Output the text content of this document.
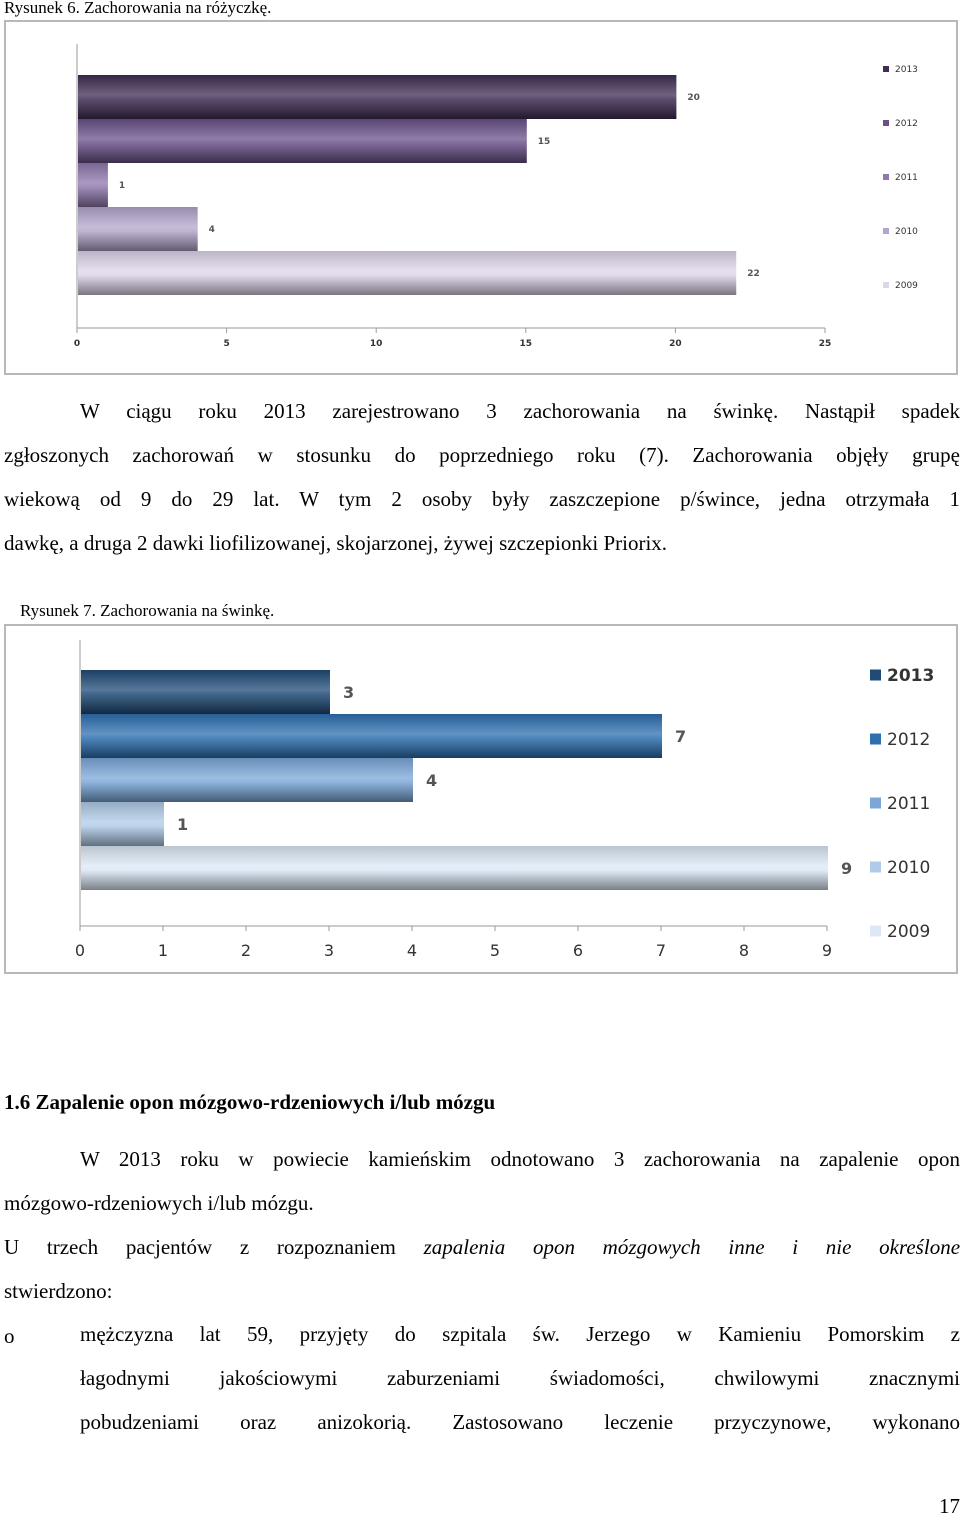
Rysunek 6. Zachorowania na różyczkę.
0	5	10	15	20	25
20
15
1
4
22
2013
2012
2011
2010
2009
W ciągu roku 2013 zarejestrowano 3 zachorowania na świnkę. Nastąpił spadek
zgłoszonych zachorowań w stosunku do poprzedniego roku (7). Zachorowania objęły grupę
wiekową od 9 do 29 lat. W tym 2 osoby były zaszczepione p/śwince, jedna otrzymała 1
dawkę, a druga 2 dawki liofilizowanej, skojarzonej, żywej szczepionki Priorix.
Rysunek 7. Zachorowania na świnkę.
0	1	2	3	4	5	6	7	8	9
3
7
4
1
9
2013
2012
2011
2010
2009
1.6 Zapalenie opon mózgowo-rdzeniowych i/lub mózgu
W 2013 roku w powiecie kamieńskim odnotowano 3 zachorowania na zapalenie opon
mózgowo-rdzeniowych i/lub mózgu.
U trzech pacjentów z rozpoznaniem zapalenia opon mózgowych inne i nie określone
stwierdzono:
o	mężczyzna lat 59, przyjęty do szpitala św. Jerzego w Kamieniu Pomorskim z
łagodnymi jakościowymi zaburzeniami świadomości, chwilowymi znacznymi
pobudzeniami oraz anizokorią. Zastosowano leczenie przyczynowe, wykonano
17
